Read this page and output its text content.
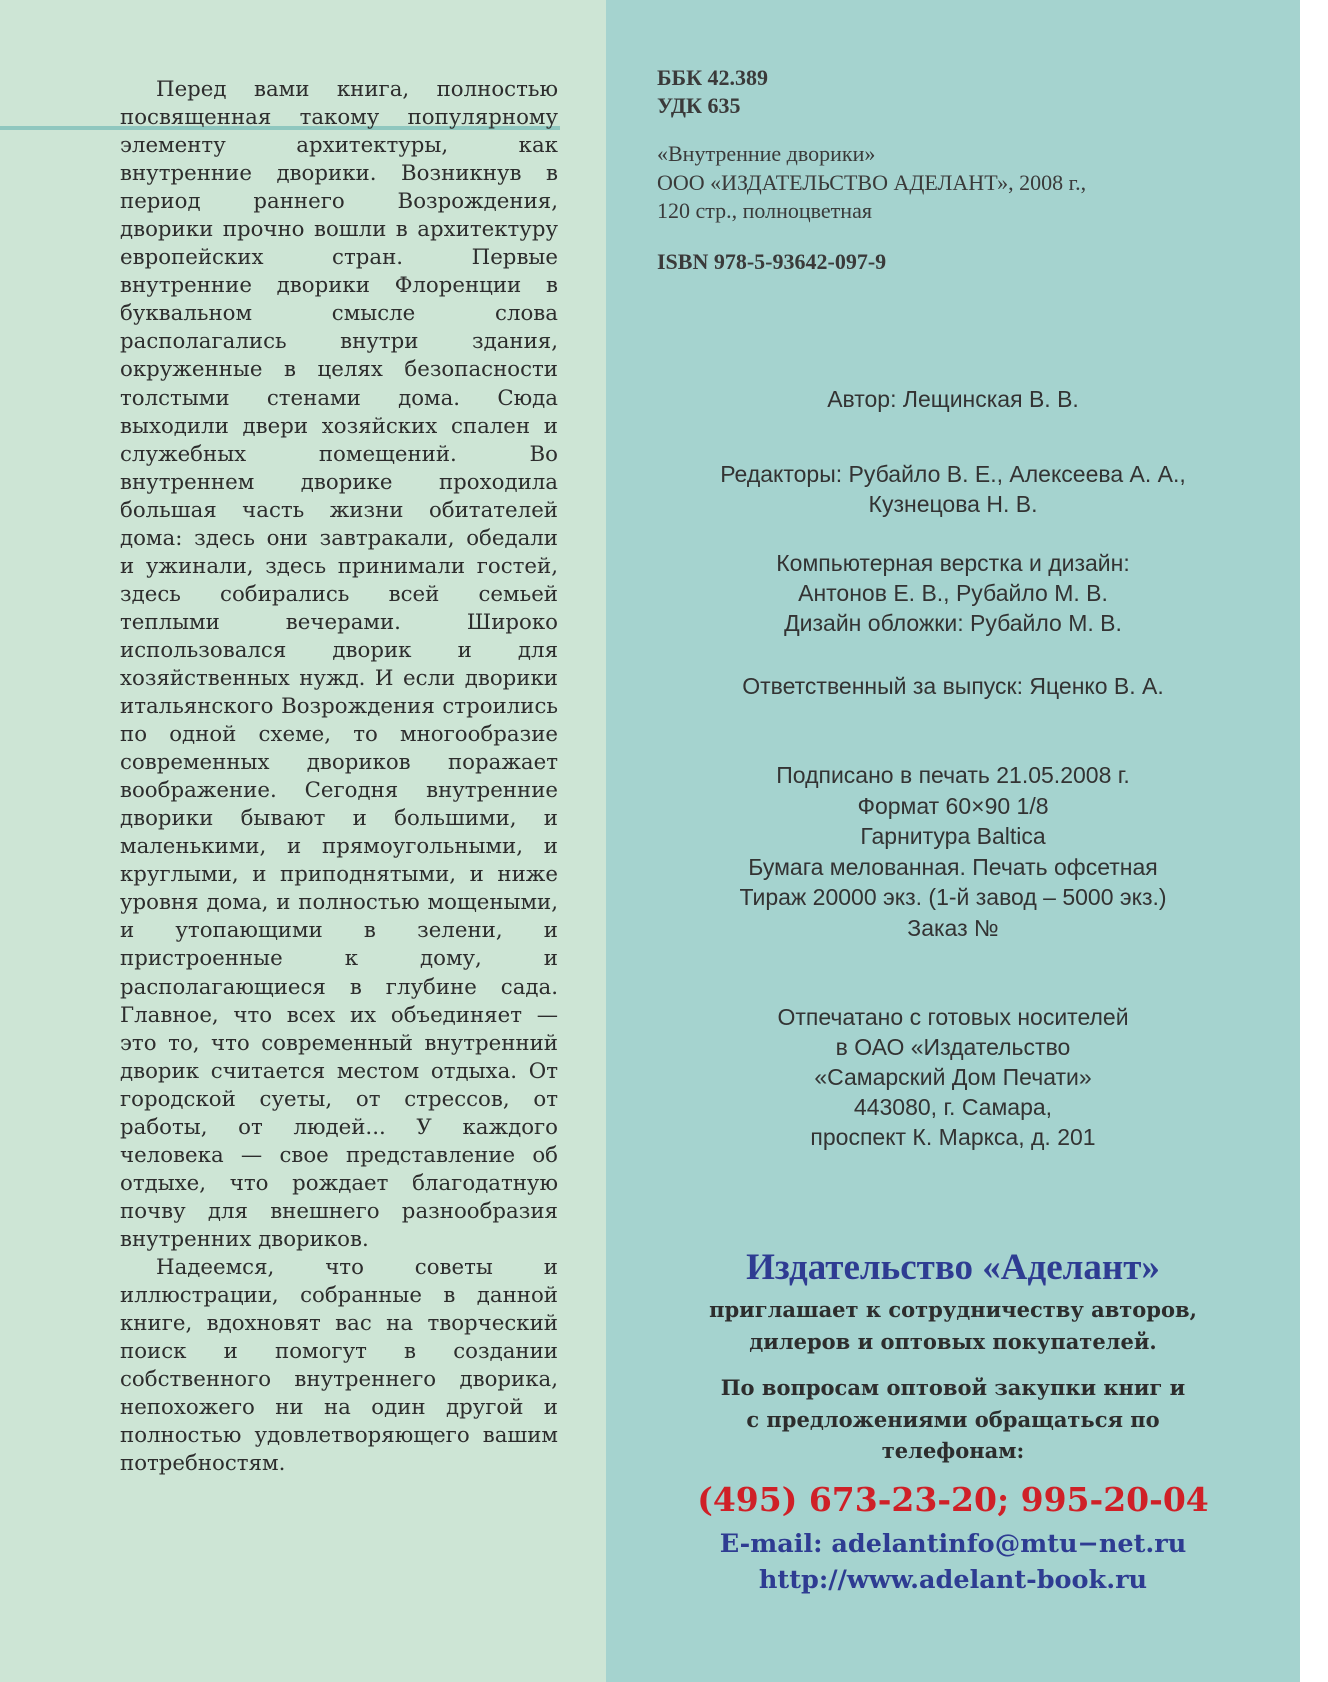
Перед вами книга, полностью посвященная такому популярному элементу архитектуры, как внутренние дворики. Возникнув в период раннего Возрождения, дворики прочно вошли в архитектуру европейских стран. Первые внутренние дворики Флоренции в буквальном смысле слова располагались внутри здания, окруженные в целях безопасности толстыми стенами дома. Сюда выходили двери хозяйских спален и служебных помещений. Во внутреннем дворике проходила большая часть жизни обитателей дома: здесь они завтракали, обедали и ужинали, здесь принимали гостей, здесь собирались всей семьей теплыми вечерами. Широко использовался дворик и для хозяйственных нужд. И если дворики итальянского Возрождения строились по одной схеме, то многообразие современных двориков поражает воображение. Сегодня внутренние дворики бывают и большими, и маленькими, и прямоугольными, и круглыми, и приподнятыми, и ниже уровня дома, и полностью мощеными, и утопающими в зелени, и пристроенные к дому, и располагающиеся в глубине сада. Главное, что всех их объединяет — это то, что современный внутренний дворик считается местом отдыха. От городской суеты, от стрессов, от работы, от людей... У каждого человека — свое представление об отдыхе, что рождает благодатную почву для внешнего разнообразия внутренних двориков.

Надеемся, что советы и иллюстрации, собранные в данной книге, вдохновят вас на творческий поиск и помогут в создании собственного внутреннего дворика, непохожего ни на один другой и полностью удовлетворяющего вашим потребностям.

ББК 42.389
УДК 635
«Внутренние дворики»
ООО «ИЗДАТЕЛЬСТВО АДЕЛАНТ», 2008 г.,
120 стр., полноцветная
ISBN 978-5-93642-097-9
Автор: Лещинская В. В.
Редакторы: Рубайло В. Е., Алексеева А. А.,
Кузнецова Н. В.
Компьютерная верстка и дизайн:
Антонов Е. В., Рубайло М. В.
Дизайн обложки: Рубайло М. В.
Ответственный за выпуск: Яценко В. А.
Подписано в печать 21.05.2008 г.
Формат 60×90 1/8
Гарнитура Baltica
Бумага мелованная. Печать офсетная
Тираж 20000 экз. (1-й завод – 5000 экз.)
Заказ №
Отпечатано с готовых носителей
в ОАО «Издательство
«Самарский Дом Печати»
443080, г. Самара,
проспект К. Маркса, д. 201
Издательство «Аделант»
приглашает к сотрудничеству авторов,
дилеров и оптовых покупателей.
По вопросам оптовой закупки книг и
с предложениями обращаться по
телефонам:
(495) 673-23-20; 995-20-04
E-mail: adelantinfo@mtu−net.ru
http://www.adelant-book.ru
